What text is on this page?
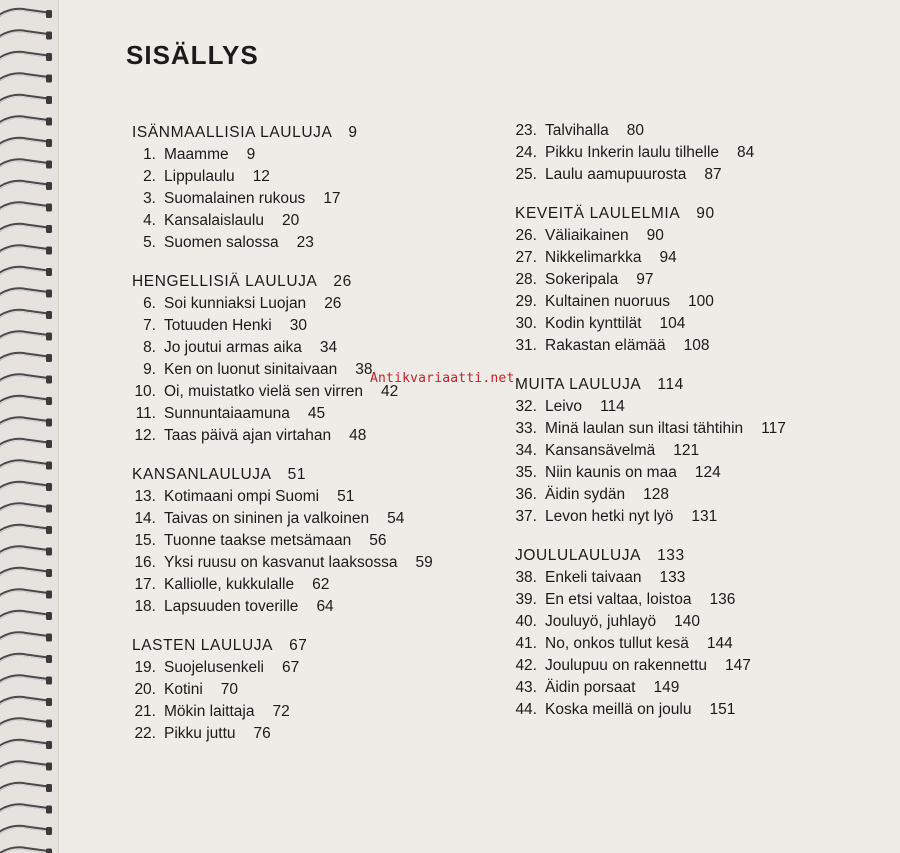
SISÄLLYS
ISÄNMAALLISIA LAULUJA 9
1. Maamme 9
2. Lippulaulu 12
3. Suomalainen rukous 17
4. Kansalaislaulu 20
5. Suomen salossa 23
HENGELLISIÄ LAULUJA 26
6. Soi kunniaksi Luojan 26
7. Totuuden Henki 30
8. Jo joutui armas aika 34
9. Ken on luonut sinitaivaan 38
10. Oi, muistatko vielä sen virren 42
11. Sunnuntaiaamuna 45
12. Taas päivä ajan virtahan 48
KANSANLAULUJA 51
13. Kotimaani ompi Suomi 51
14. Taivas on sininen ja valkoinen 54
15. Tuonne taakse metsämaan 56
16. Yksi ruusu on kasvanut laaksossa 59
17. Kalliolle, kukkulalle 62
18. Lapsuuden toverille 64
LASTEN LAULUJA 67
19. Suojelusenkeli 67
20. Kotini 70
21. Mökin laittaja 72
22. Pikku juttu 76
23. Talvihalla 80
24. Pikku Inkerin laulu tilhelle 84
25. Laulu aamupuurosta 87
KEVEITÄ LAULELMIA 90
26. Väliaikainen 90
27. Nikkelimarkka 94
28. Sokeripala 97
29. Kultainen nuoruus 100
30. Kodin kynttilät 104
31. Rakastan elämää 108
MUITA LAULUJA 114
32. Leivo 114
33. Minä laulan sun iltasi tähtihin 117
34. Kansansävelmä 121
35. Niin kaunis on maa 124
36. Äidin sydän 128
37. Levon hetki nyt lyö 131
JOULULAULUJA 133
38. Enkeli taivaan 133
39. En etsi valtaa, loistoa 136
40. Jouluyö, juhlayö 140
41. No, onkos tullut kesä 144
42. Joulupuu on rakennettu 147
43. Äidin porsaat 149
44. Koska meillä on joulu 151
Antikvariaatti.net
